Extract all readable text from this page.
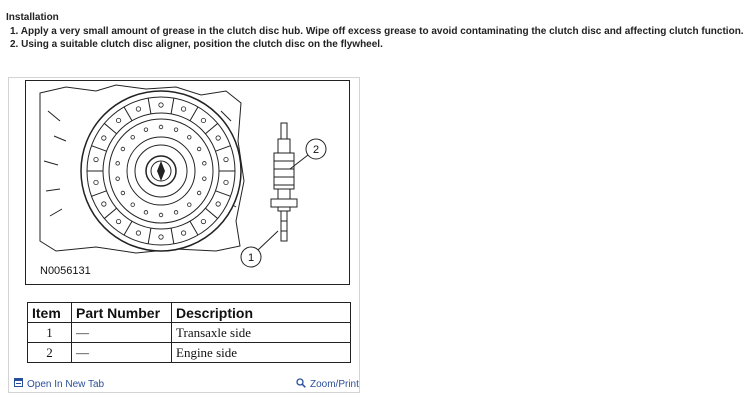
Installation
1. Apply a very small amount of grease in the clutch disc hub. Wipe off excess grease to avoid contaminating the clutch disc and affecting clutch function.
2. Using a suitable clutch disc aligner, position the clutch disc on the flywheel.
2
1
N0056131
Item	Part Number	Description
1	—	Transaxle side
2	—	Engine side
Open In New Tab	Zoom/Print
